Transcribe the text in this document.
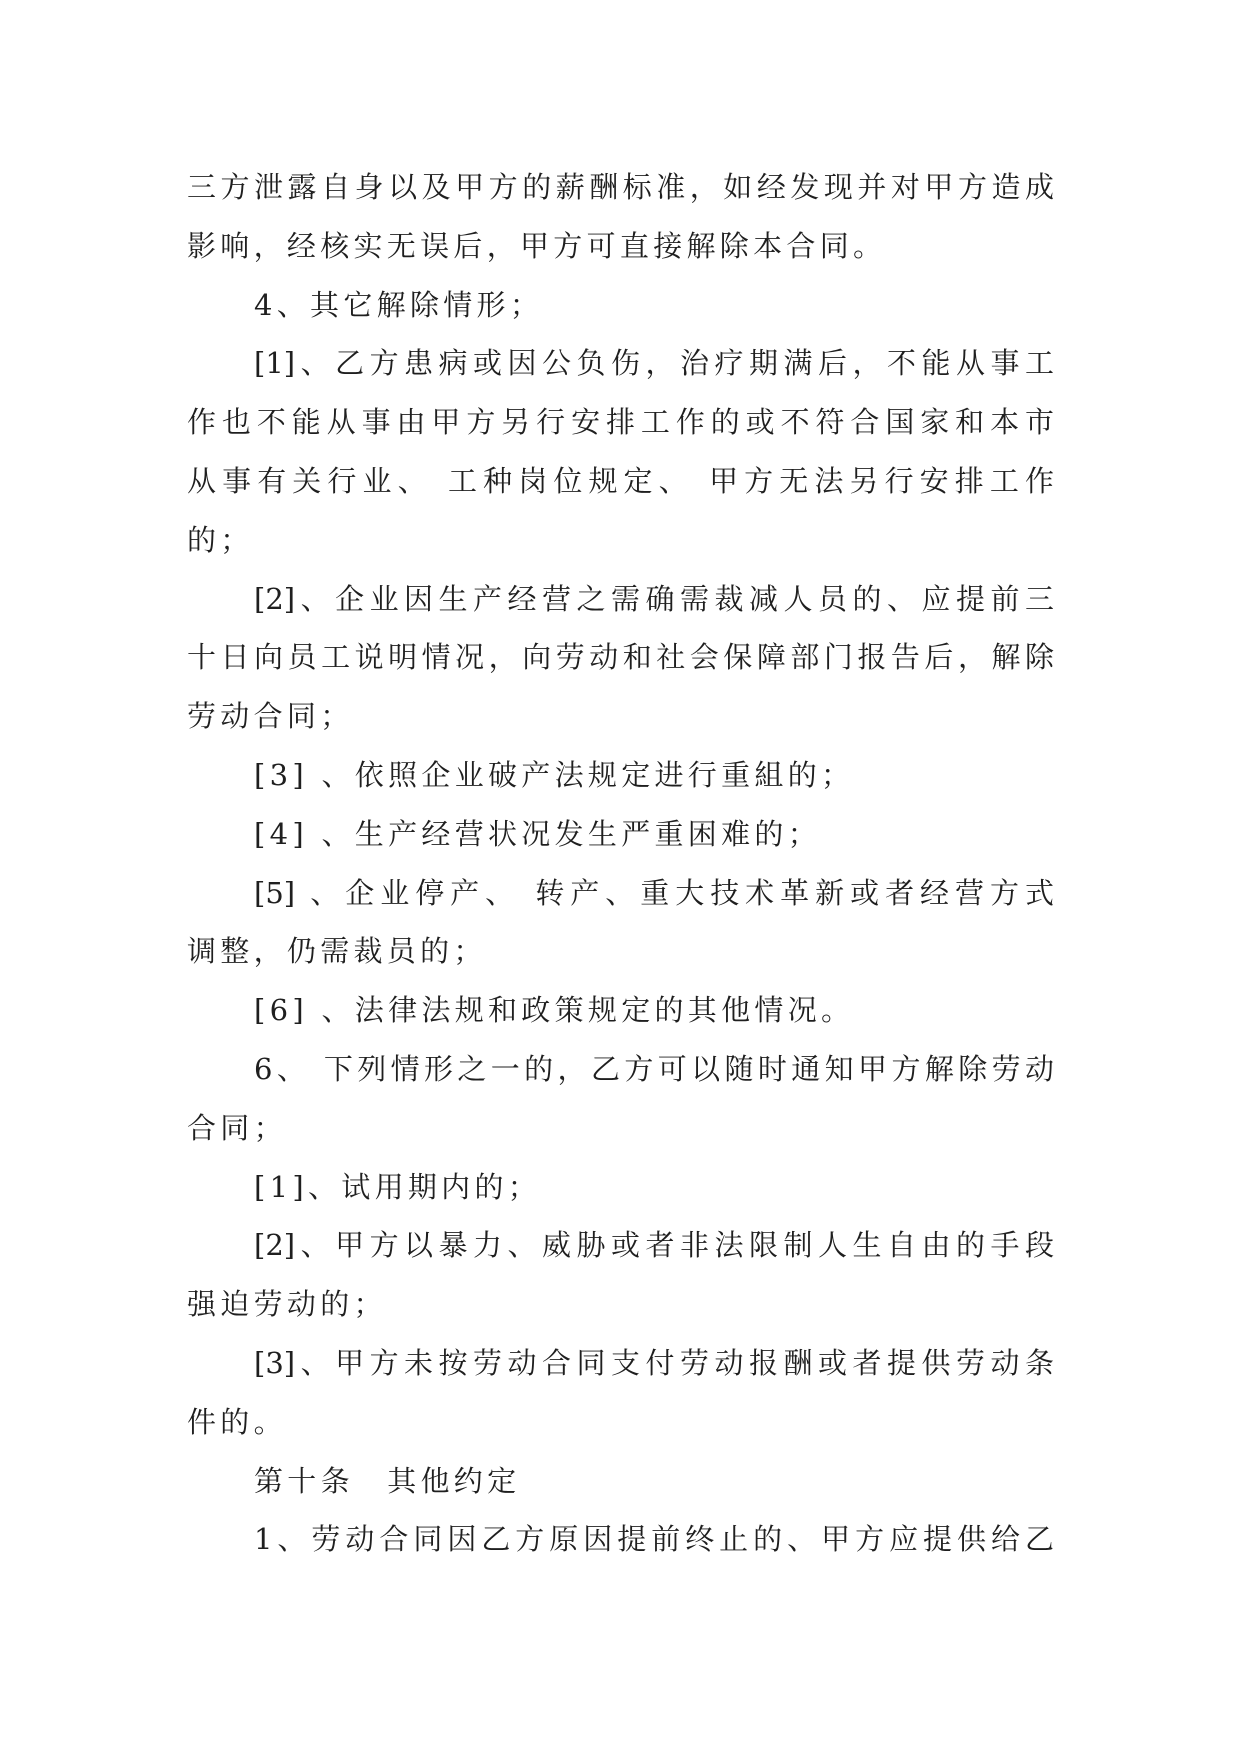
三方泄露自身以及甲方的薪酬标准，如经发现并对甲方造成
影响，经核实无误后，甲方可直接解除本合同。
4、其它解除情形；
[1]、乙方患病或因公负伤，治疗期满后，不能从事工
作也不能从事由甲方另行安排工作的或不符合国家和本市
从事有关行业、 工种岗位规定、 甲方无法另行安排工作
的；
[2]、企业因生产经营之需确需裁减人员的、应提前三
十日向员工说明情况，向劳动和社会保障部门报告后，解除
劳动合同；
[3] 、依照企业破产法规定进行重組的；
[4] 、生产经营状况发生严重困难的；
[5] 、企业停产、 转产、重大技术革新或者经营方式
调整，仍需裁员的；
[6] 、法律法规和政策规定的其他情况。
6、 下列情形之一的，乙方可以随时通知甲方解除劳动
合同；
[1]、试用期内的；
[2]、甲方以暴力、威胁或者非法限制人生自由的手段
强迫劳动的；
[3]、甲方未按劳动合同支付劳动报酬或者提供劳动条
件的。
第十条　其他约定
1、劳动合同因乙方原因提前终止的、甲方应提供给乙
